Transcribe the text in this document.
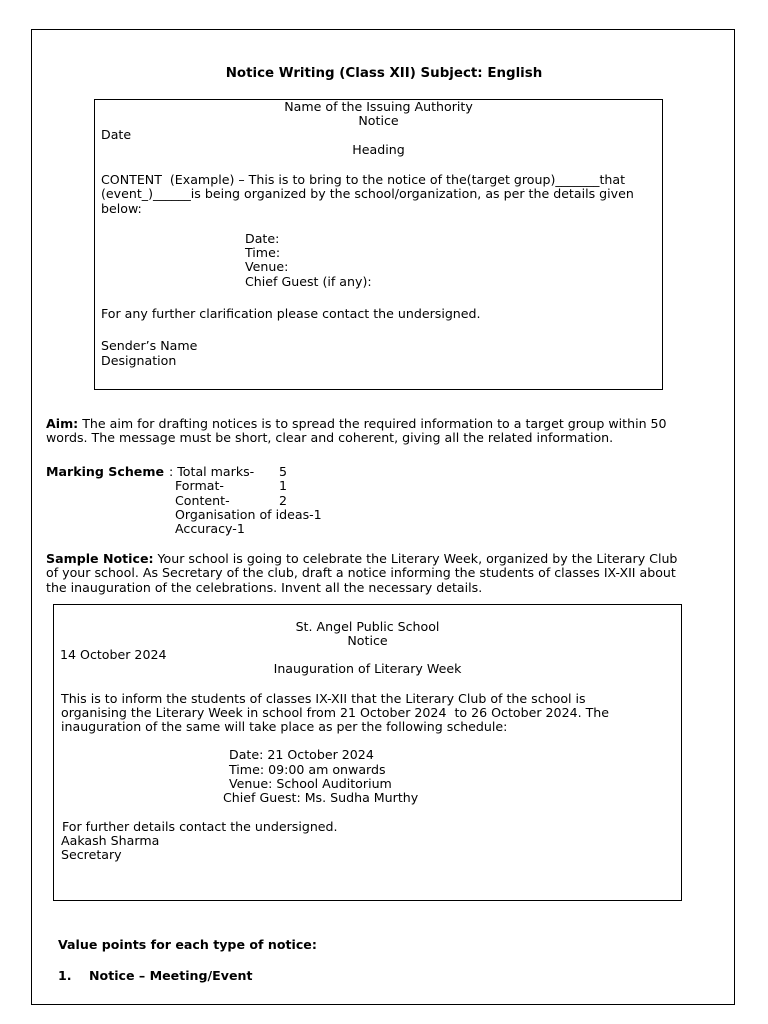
Notice Writing (Class XII) Subject: English
Name of the Issuing Authority
Notice
Date
Heading
CONTENT  (Example) – This is to bring to the notice of the(target group)_______that
(event_)______is being organized by the school/organization, as per the details given
below:
Date:
Time:
Venue:
Chief Guest (if any):
For any further clarification please contact the undersigned.
Sender’s Name
Designation
Aim: The aim for drafting notices is to spread the required information to a target group within 50
words. The message must be short, clear and coherent, giving all the related information.
Marking Scheme : Total marks- 5
Format-	1
Content-	2
Organisation of ideas-1
Accuracy-1
Sample Notice: Your school is going to celebrate the Literary Week, organized by the Literary Club
of your school. As Secretary of the club, draft a notice informing the students of classes IX-XII about
the inauguration of the celebrations. Invent all the necessary details.
St. Angel Public School
Notice
14 October 2024
Inauguration of Literary Week
This is to inform the students of classes IX-XII that the Literary Club of the school is
organising the Literary Week in school from 21 October 2024  to 26 October 2024. The
inauguration of the same will take place as per the following schedule:
Date: 21 October 2024
Time: 09:00 am onwards
Venue: School Auditorium
Chief Guest: Ms. Sudha Murthy
For further details contact the undersigned.
Aakash Sharma
Secretary
Value points for each type of notice:
1. Notice – Meeting/Event
